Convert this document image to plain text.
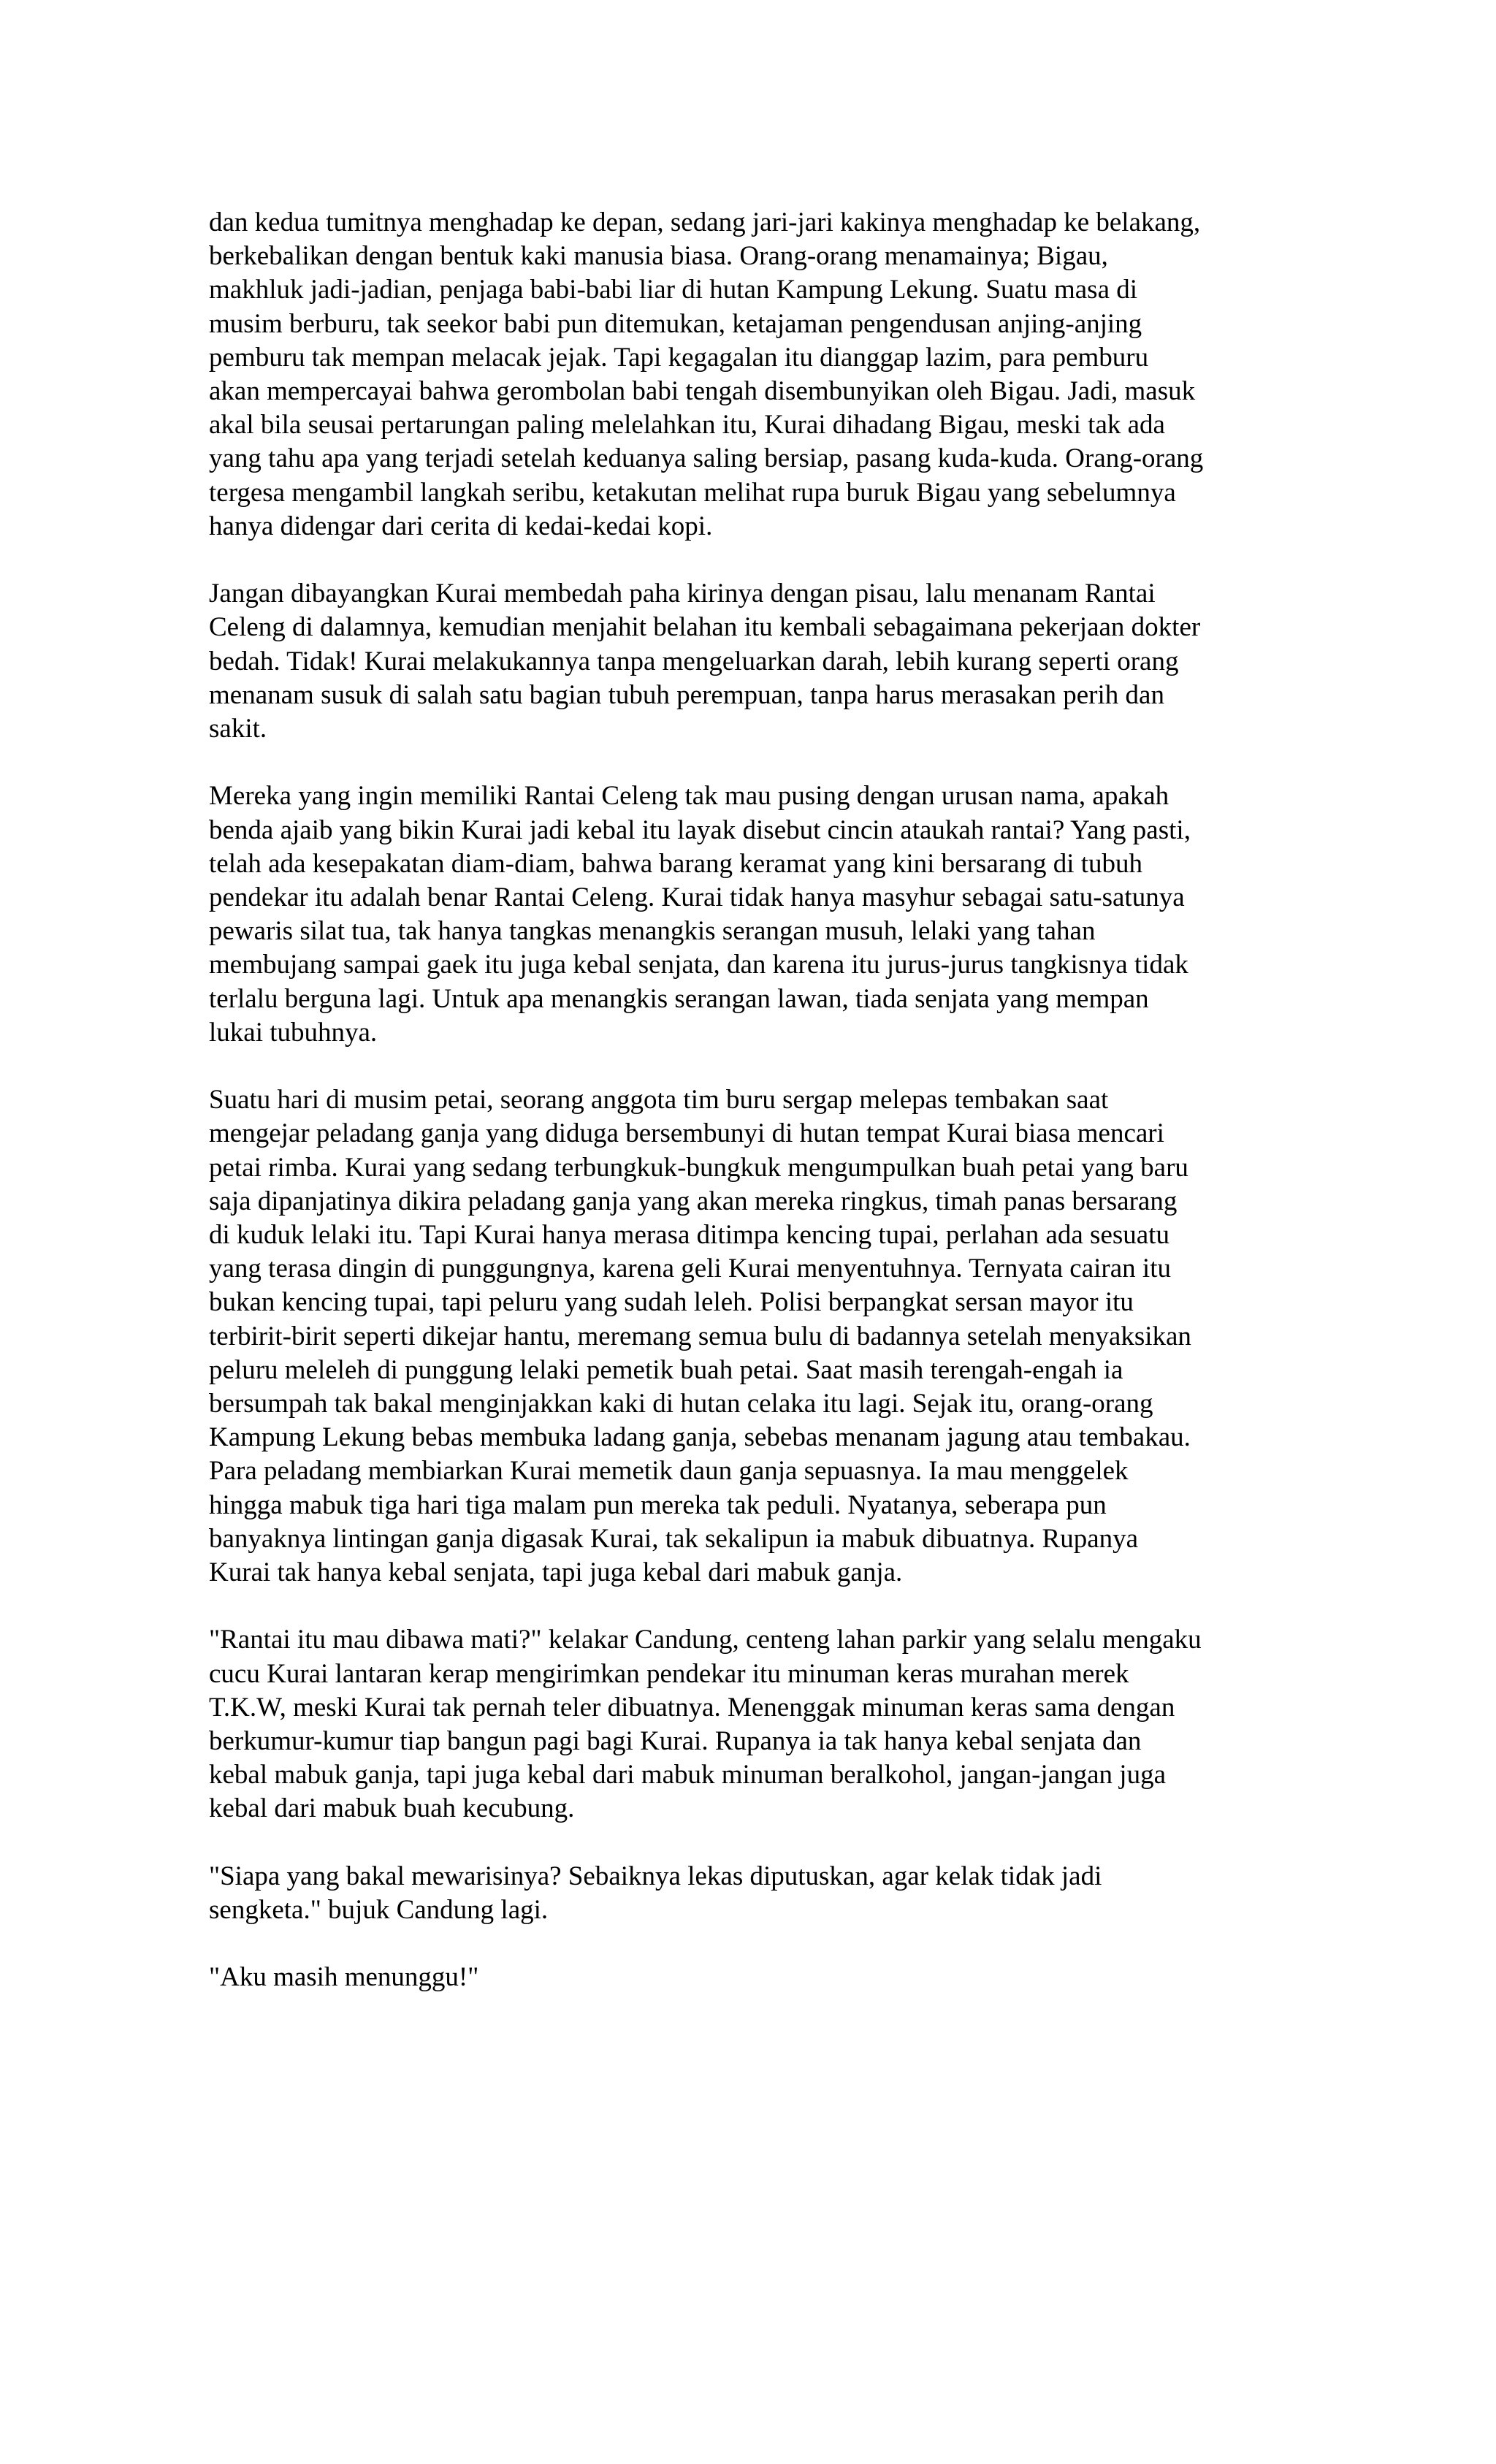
dan kedua tumitnya menghadap ke depan, sedang jari-jari kakinya menghadap ke belakang,
berkebalikan dengan bentuk kaki manusia biasa. Orang-orang menamainya; Bigau,
makhluk jadi-jadian, penjaga babi-babi liar di hutan Kampung Lekung. Suatu masa di
musim berburu, tak seekor babi pun ditemukan, ketajaman pengendusan anjing-anjing
pemburu tak mempan melacak jejak. Tapi kegagalan itu dianggap lazim, para pemburu
akan mempercayai bahwa gerombolan babi tengah disembunyikan oleh Bigau. Jadi, masuk
akal bila seusai pertarungan paling melelahkan itu, Kurai dihadang Bigau, meski tak ada
yang tahu apa yang terjadi setelah keduanya saling bersiap, pasang kuda-kuda. Orang-orang
tergesa mengambil langkah seribu, ketakutan melihat rupa buruk Bigau yang sebelumnya
hanya didengar dari cerita di kedai-kedai kopi.

Jangan dibayangkan Kurai membedah paha kirinya dengan pisau, lalu menanam Rantai
Celeng di dalamnya, kemudian menjahit belahan itu kembali sebagaimana pekerjaan dokter
bedah. Tidak! Kurai melakukannya tanpa mengeluarkan darah, lebih kurang seperti orang
menanam susuk di salah satu bagian tubuh perempuan, tanpa harus merasakan perih dan
sakit.

Mereka yang ingin memiliki Rantai Celeng tak mau pusing dengan urusan nama, apakah
benda ajaib yang bikin Kurai jadi kebal itu layak disebut cincin ataukah rantai? Yang pasti,
telah ada kesepakatan diam-diam, bahwa barang keramat yang kini bersarang di tubuh
pendekar itu adalah benar Rantai Celeng. Kurai tidak hanya masyhur sebagai satu-satunya
pewaris silat tua, tak hanya tangkas menangkis serangan musuh, lelaki yang tahan
membujang sampai gaek itu juga kebal senjata, dan karena itu jurus-jurus tangkisnya tidak
terlalu berguna lagi. Untuk apa menangkis serangan lawan, tiada senjata yang mempan
lukai tubuhnya.

Suatu hari di musim petai, seorang anggota tim buru sergap melepas tembakan saat
mengejar peladang ganja yang diduga bersembunyi di hutan tempat Kurai biasa mencari
petai rimba. Kurai yang sedang terbungkuk-bungkuk mengumpulkan buah petai yang baru
saja dipanjatinya dikira peladang ganja yang akan mereka ringkus, timah panas bersarang
di kuduk lelaki itu. Tapi Kurai hanya merasa ditimpa kencing tupai, perlahan ada sesuatu
yang terasa dingin di punggungnya, karena geli Kurai menyentuhnya. Ternyata cairan itu
bukan kencing tupai, tapi peluru yang sudah leleh. Polisi berpangkat sersan mayor itu
terbirit-birit seperti dikejar hantu, meremang semua bulu di badannya setelah menyaksikan
peluru meleleh di punggung lelaki pemetik buah petai. Saat masih terengah-engah ia
bersumpah tak bakal menginjakkan kaki di hutan celaka itu lagi. Sejak itu, orang-orang
Kampung Lekung bebas membuka ladang ganja, sebebas menanam jagung atau tembakau.
Para peladang membiarkan Kurai memetik daun ganja sepuasnya. Ia mau menggelek
hingga mabuk tiga hari tiga malam pun mereka tak peduli. Nyatanya, seberapa pun
banyaknya lintingan ganja digasak Kurai, tak sekalipun ia mabuk dibuatnya. Rupanya
Kurai tak hanya kebal senjata, tapi juga kebal dari mabuk ganja.

"Rantai itu mau dibawa mati?" kelakar Candung, centeng lahan parkir yang selalu mengaku
cucu Kurai lantaran kerap mengirimkan pendekar itu minuman keras murahan merek
T.K.W, meski Kurai tak pernah teler dibuatnya. Menenggak minuman keras sama dengan
berkumur-kumur tiap bangun pagi bagi Kurai. Rupanya ia tak hanya kebal senjata dan
kebal mabuk ganja, tapi juga kebal dari mabuk minuman beralkohol, jangan-jangan juga
kebal dari mabuk buah kecubung.

"Siapa yang bakal mewarisinya? Sebaiknya lekas diputuskan, agar kelak tidak jadi
sengketa." bujuk Candung lagi.

"Aku masih menunggu!"
